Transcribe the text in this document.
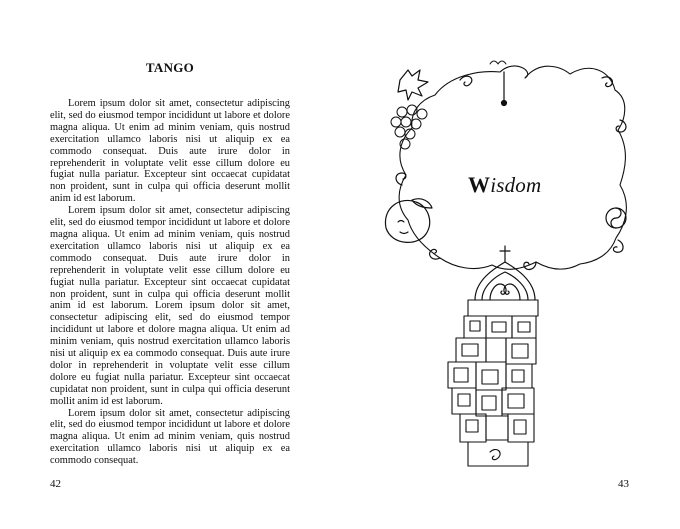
TANGO

Lorem ipsum dolor sit amet, consectetur adipiscing elit, sed do eiusmod tempor incididunt ut labore et dolore magna aliqua. Ut enim ad minim veniam, quis nostrud exercitation ullamco laboris nisi ut aliquip ex ea commodo consequat. Duis aute irure dolor in reprehenderit in voluptate velit esse cillum dolore eu fugiat nulla pariatur. Excepteur sint occaecat cupidatat non proident, sunt in culpa qui officia deserunt mollit anim id est laborum.

Lorem ipsum dolor sit amet, consectetur adipiscing elit, sed do eiusmod tempor incididunt ut labore et dolore magna aliqua. Ut enim ad minim veniam, quis nostrud exercitation ullamco laboris nisi ut aliquip ex ea commodo consequat. Duis aute irure dolor in reprehenderit in voluptate velit esse cillum dolore eu fugiat nulla pariatur. Excepteur sint occaecat cupidatat non proident, sunt in culpa qui officia deserunt mollit anim id est laborum. Lorem ipsum dolor sit amet, consectetur adipiscing elit, sed do eiusmod tempor incididunt ut labore et dolore magna aliqua. Ut enim ad minim veniam, quis nostrud exercitation ullamco laboris nisi ut aliquip ex ea commodo consequat. Duis aute irure dolor in reprehenderit in voluptate velit esse cillum dolore eu fugiat nulla pariatur. Excepteur sint occaecat cupidatat non proident, sunt in culpa qui officia deserunt mollit anim id est laborum.

Lorem ipsum dolor sit amet, consectetur adipiscing elit, sed do eiusmod tempor incididunt ut labore et dolore magna aliqua. Ut enim ad minim veniam, quis nostrud exercitation ullamco laboris nisi ut aliquip ex ea commodo consequat.

42
Wisdom
43
